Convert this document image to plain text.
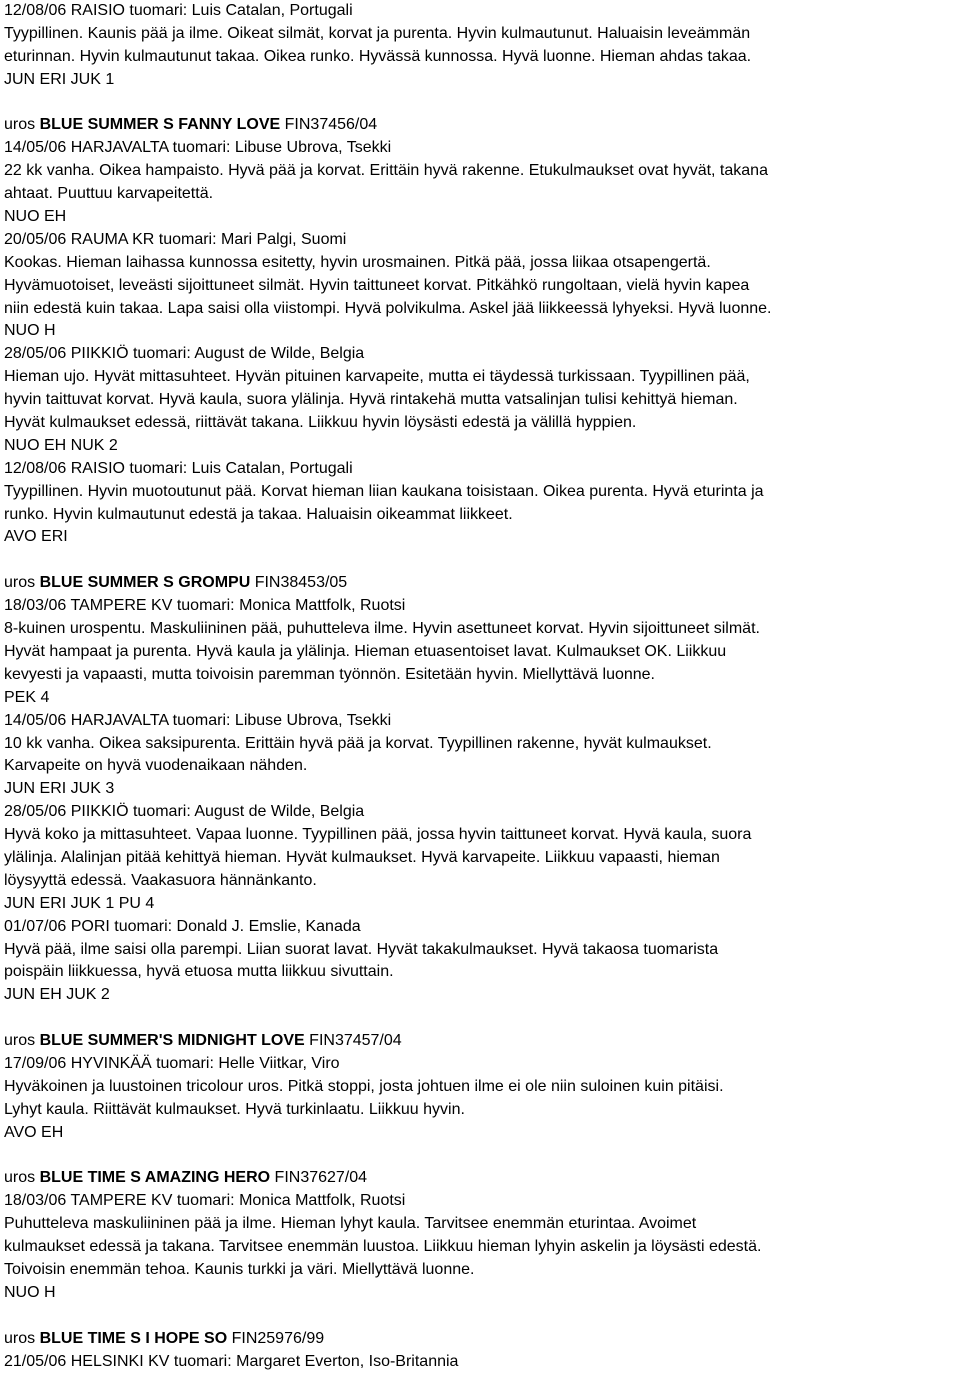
12/08/06 RAISIO tuomari: Luis Catalan, Portugali
Tyypillinen. Kaunis pää ja ilme. Oikeat silmät, korvat ja purenta. Hyvin kulmautunut. Haluaisin leveämmän
eturinnan. Hyvin kulmautunut takaa. Oikea runko. Hyvässä kunnossa. Hyvä luonne. Hieman ahdas takaa.
JUN ERI JUK 1
uros BLUE SUMMER S FANNY LOVE FIN37456/04
14/05/06 HARJAVALTA tuomari: Libuse Ubrova, Tsekki
22 kk vanha. Oikea hampaisto. Hyvä pää ja korvat. Erittäin hyvä rakenne. Etukulmaukset ovat hyvät, takana
ahtaat. Puuttuu karvapeitettä.
NUO EH
20/05/06 RAUMA KR tuomari: Mari Palgi, Suomi
Kookas. Hieman laihassa kunnossa esitetty, hyvin urosmainen. Pitkä pää, jossa liikaa otsapengertä.
Hyvämuotoiset, leveästi sijoittuneet silmät. Hyvin taittuneet korvat. Pitkähkö rungoltaan, vielä hyvin kapea
niin edestä kuin takaa. Lapa saisi olla viistompi. Hyvä polvikulma. Askel jää liikkeessä lyhyeksi. Hyvä luonne.
NUO H
28/05/06 PIIKKIÖ tuomari: August de Wilde, Belgia
Hieman ujo. Hyvät mittasuhteet. Hyvän pituinen karvapeite, mutta ei täydessä turkissaan. Tyypillinen pää,
hyvin taittuvat korvat. Hyvä kaula, suora ylälinja. Hyvä rintakehä mutta vatsalinjan tulisi kehittyä hieman.
Hyvät kulmaukset edessä, riittävät takana. Liikkuu hyvin löysästi edestä ja välillä hyppien.
NUO EH NUK 2
12/08/06 RAISIO tuomari: Luis Catalan, Portugali
Tyypillinen. Hyvin muotoutunut pää. Korvat hieman liian kaukana toisistaan. Oikea purenta. Hyvä eturinta ja
runko. Hyvin kulmautunut edestä ja takaa. Haluaisin oikeammat liikkeet.
AVO ERI
uros BLUE SUMMER S GROMPU FIN38453/05
18/03/06 TAMPERE KV tuomari: Monica Mattfolk, Ruotsi
8-kuinen urospentu. Maskuliininen pää, puhutteleva ilme. Hyvin asettuneet korvat. Hyvin sijoittuneet silmät.
Hyvät hampaat ja purenta. Hyvä kaula ja ylälinja. Hieman etuasentoiset lavat. Kulmaukset OK. Liikkuu
kevyesti ja vapaasti, mutta toivoisin paremman työnnön. Esitetään hyvin. Miellyttävä luonne.
PEK 4
14/05/06 HARJAVALTA tuomari: Libuse Ubrova, Tsekki
10 kk vanha. Oikea saksipurenta. Erittäin hyvä pää ja korvat. Tyypillinen rakenne, hyvät kulmaukset.
Karvapeite on hyvä vuodenaikaan nähden.
JUN ERI JUK 3
28/05/06 PIIKKIÖ tuomari: August de Wilde, Belgia
Hyvä koko ja mittasuhteet. Vapaa luonne. Tyypillinen pää, jossa hyvin taittuneet korvat. Hyvä kaula, suora
ylälinja. Alalinjan pitää kehittyä hieman. Hyvät kulmaukset. Hyvä karvapeite. Liikkuu vapaasti, hieman
löysyyttä edessä. Vaakasuora hännänkanto.
JUN ERI JUK 1 PU 4
01/07/06 PORI tuomari: Donald J. Emslie, Kanada
Hyvä pää, ilme saisi olla parempi. Liian suorat lavat. Hyvät takakulmaukset. Hyvä takaosa tuomarista
poispäin liikkuessa, hyvä etuosa mutta liikkuu sivuttain.
JUN EH JUK 2
uros BLUE SUMMER'S MIDNIGHT LOVE FIN37457/04
17/09/06 HYVINKÄÄ tuomari: Helle Viitkar, Viro
Hyväkoinen ja luustoinen tricolour uros. Pitkä stoppi, josta johtuen ilme ei ole niin suloinen kuin pitäisi.
Lyhyt kaula. Riittävät kulmaukset. Hyvä turkinlaatu. Liikkuu hyvin.
AVO EH
uros BLUE TIME S AMAZING HERO FIN37627/04
18/03/06 TAMPERE KV tuomari: Monica Mattfolk, Ruotsi
Puhutteleva maskuliininen pää ja ilme. Hieman lyhyt kaula. Tarvitsee enemmän eturintaa. Avoimet
kulmaukset edessä ja takana. Tarvitsee enemmän luustoa. Liikkuu hieman lyhyin askelin ja löysästi edestä.
Toivoisin enemmän tehoa. Kaunis turkki ja väri. Miellyttävä luonne.
NUO H
uros BLUE TIME S I HOPE SO FIN25976/99
21/05/06 HELSINKI KV tuomari: Margaret Everton, Iso-Britannia
